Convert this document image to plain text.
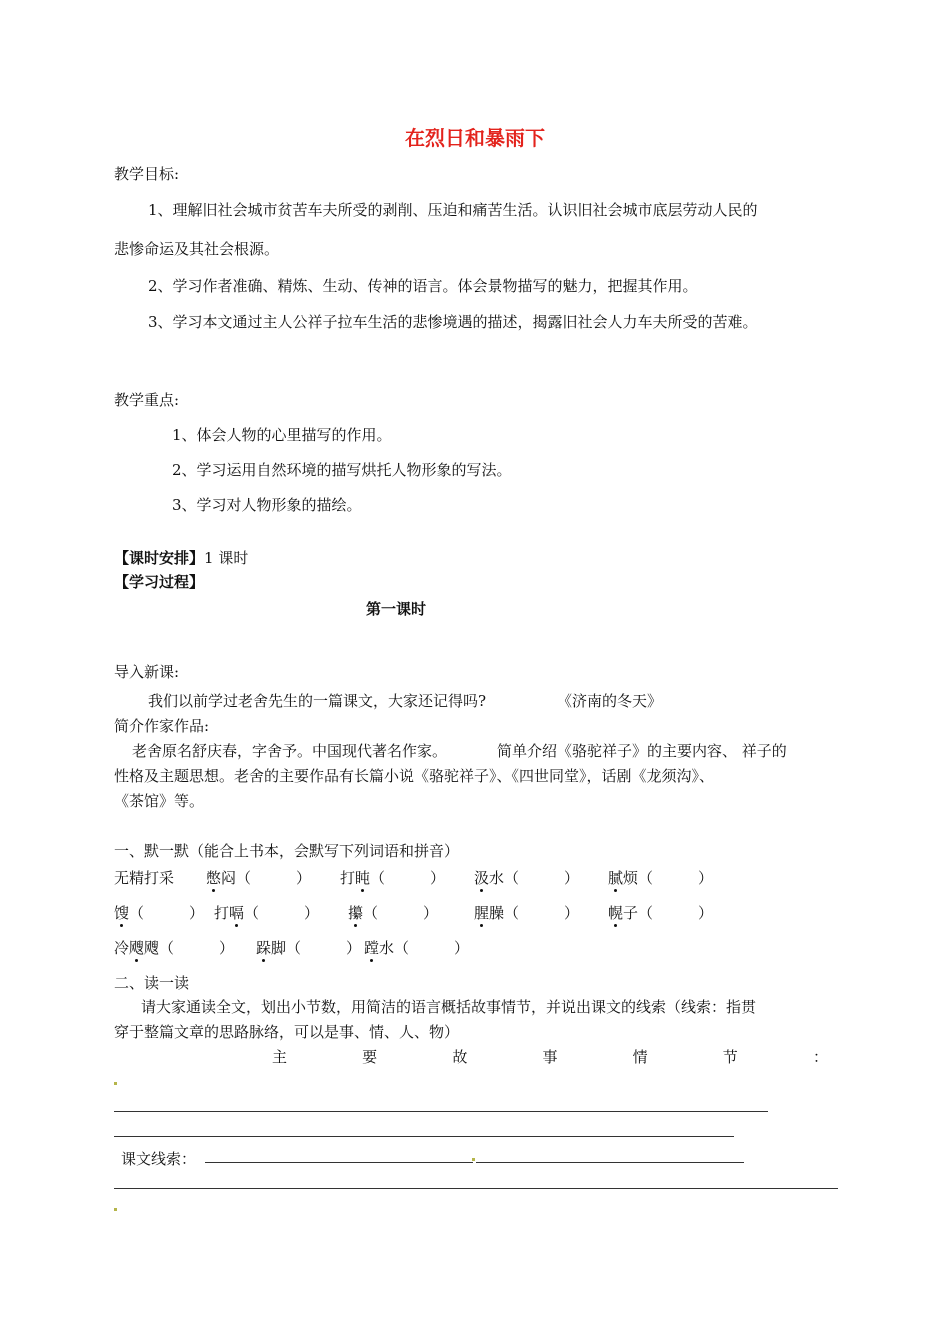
在烈日和暴雨下
教学目标:
1、理解旧社会城市贫苦车夫所受的剥削、压迫和痛苦生活。认识旧社会城市底层劳动人民的
悲惨命运及其社会根源。
2、学习作者准确、精炼、生动、传神的语言。体会景物描写的魅力，把握其作用。
3、学习本文通过主人公祥子拉车生活的悲惨境遇的描述，揭露旧社会人力车夫所受的苦难。
教学重点:
1、体会人物的心里描写的作用。
2、学习运用自然环境的描写烘托人物形象的写法。
3、学习对人物形象的描绘。
【课时安排】1 课时
【学习过程】
第一课时
导入新课:
我们以前学过老舍先生的一篇课文，大家还记得吗?	《济南的冬天》
简介作家作品:
老舍原名舒庆春，字舍予。中国现代著名作家。	简单介绍《骆驼祥子》的主要内容、 祥子的
性格及主题思想。老舍的主要作品有长篇小说《骆驼祥子》、《四世同堂》，话剧《龙须沟》、
《茶馆》等。
一、默一默（能合上书本，会默写下列词语和拼音）
无精打采 憋闷（　　　） 打盹（　　　） 汲水（　　　） 腻烦（　　　）
馊（　　　） 打嗝（　　　） 攥（　　　） 腥臊（　　　） 幌子（　　　）
冷飕飕（　　　） 跺脚（　　　） 蹚水（　　　）
二、读一读
请大家通读全文，划出小节数，用简洁的语言概括故事情节，并说出课文的线索（线索：指贯
穿于整篇文章的思路脉络，可以是事、情、人、物）
主	要	故	事	情	节	：
课文线索：
